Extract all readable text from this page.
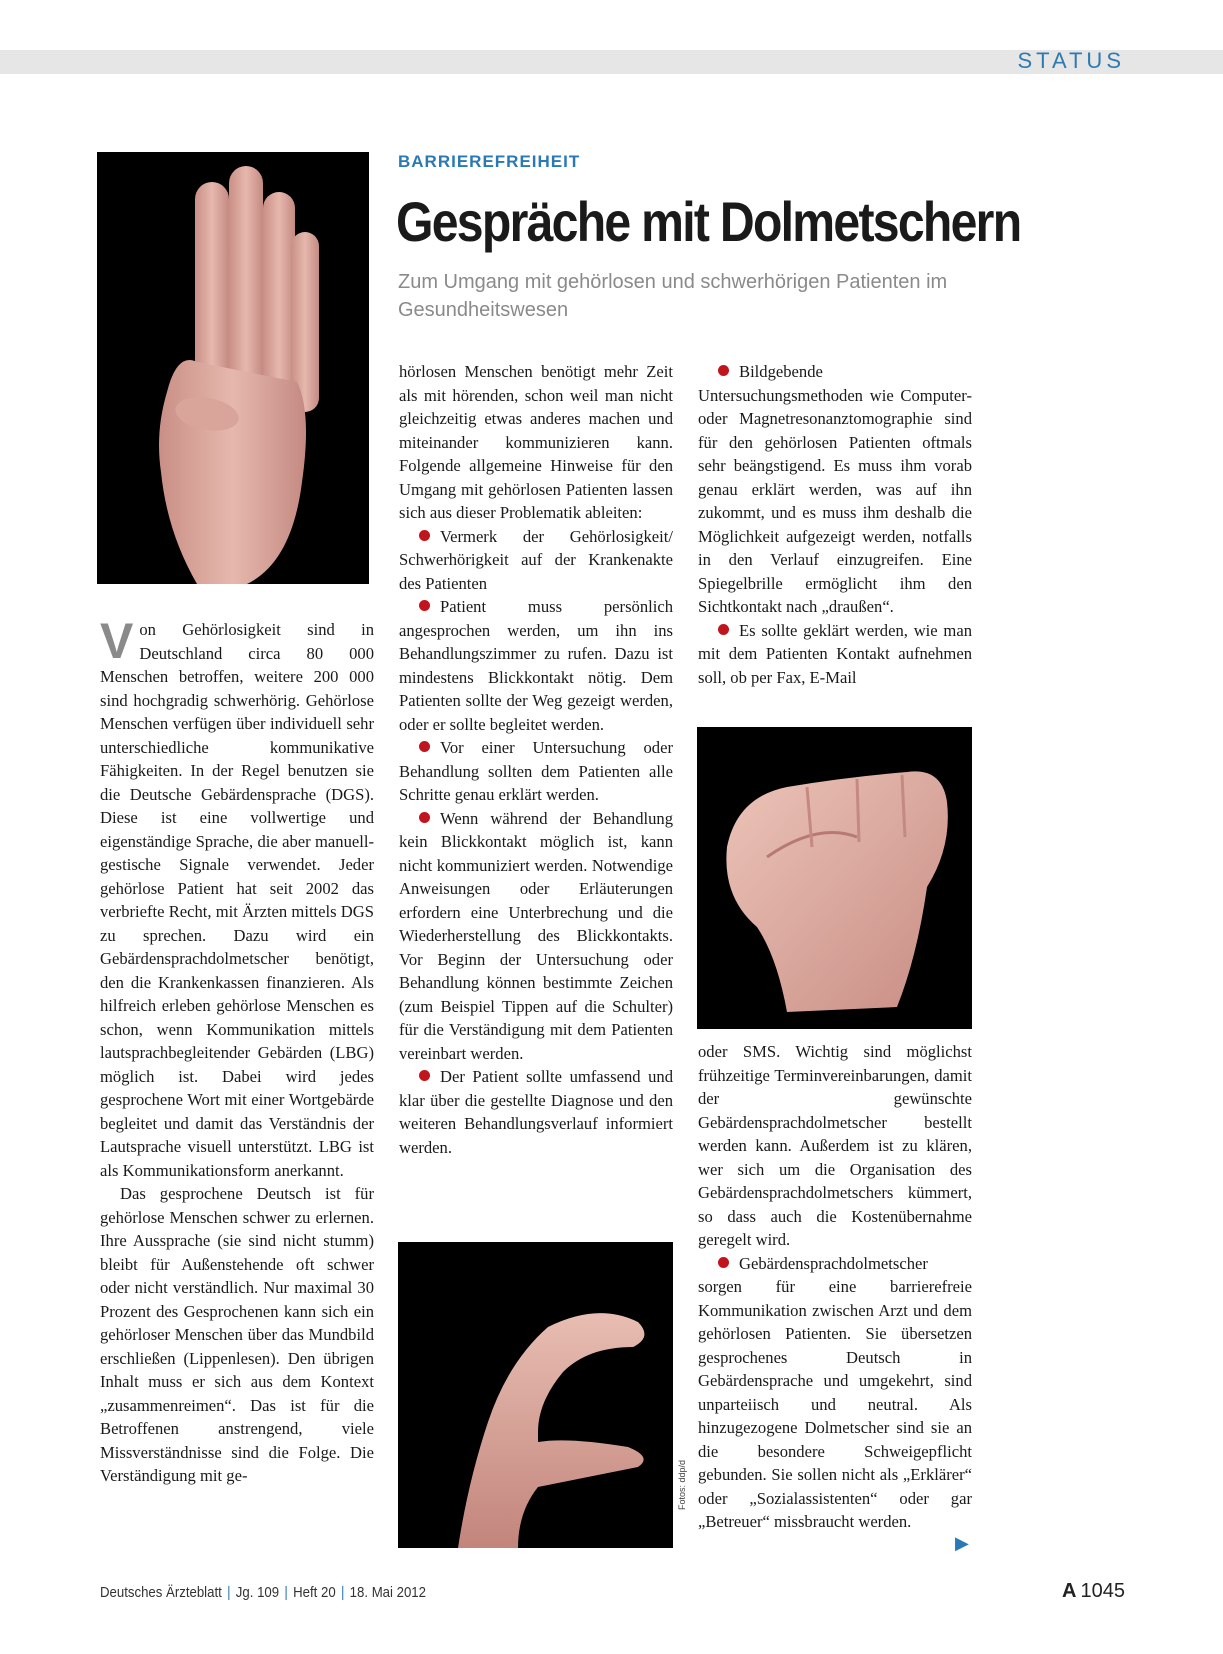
STATUS
BARRIEREFREIHEIT
Gespräche mit Dolmetschern
Zum Umgang mit gehörlosen und schwerhörigen Patienten im Gesundheitswesen

Von Gehörlosigkeit sind in Deutschland circa 80 000 Menschen betroffen, weitere 200 000 sind hochgradig schwerhörig. Gehörlose Menschen verfügen über individuell sehr unterschiedliche kommunikative Fähigkeiten. In der Regel benutzen sie die Deutsche Gebärdensprache (DGS). Diese ist eine vollwertige und eigenständige Sprache, die aber manuell-gestische Signale verwendet. Jeder gehörlose Patient hat seit 2002 das verbriefte Recht, mit Ärzten mittels DGS zu sprechen. Dazu wird ein Gebärdensprachdolmetscher benötigt, den die Krankenkassen finanzieren. Als hilfreich erleben gehörlose Menschen es schon, wenn Kommunikation mittels lautsprachbegleitender Gebärden (LBG) möglich ist. Dabei wird jedes gesprochene Wort mit einer Wortgebärde begleitet und damit das Verständnis der Lautsprache visuell unterstützt. LBG ist als Kommunikationsform anerkannt.

Das gesprochene Deutsch ist für gehörlose Menschen schwer zu erlernen. Ihre Aussprache (sie sind nicht stumm) bleibt für Außenstehende oft schwer oder nicht verständlich. Nur maximal 30 Prozent des Gesprochenen kann sich ein gehörloser Menschen über das Mundbild erschließen (Lippenlesen). Den übrigen Inhalt muss er sich aus dem Kontext „zusammenreimen“. Das ist für die Betroffenen anstrengend, viele Missverständnisse sind die Folge. Die Verständigung mit ge-

hörlosen Menschen benötigt mehr Zeit als mit hörenden, schon weil man nicht gleichzeitig etwas anderes machen und miteinander kommunizieren kann. Folgende allgemeine Hinweise für den Umgang mit gehörlosen Patienten lassen sich aus dieser Problematik ableiten:

Vermerk der Gehörlosigkeit/ Schwerhörigkeit auf der Krankenakte des Patienten

Patient muss persönlich angesprochen werden, um ihn ins Behandlungszimmer zu rufen. Dazu ist mindestens Blickkontakt nötig. Dem Patienten sollte der Weg gezeigt werden, oder er sollte begleitet werden.

Vor einer Untersuchung oder Behandlung sollten dem Patienten alle Schritte genau erklärt werden.

Wenn während der Behandlung kein Blickkontakt möglich ist, kann nicht kommuniziert werden. Notwendige Anweisungen oder Erläuterungen erfordern eine Unterbrechung und die Wiederherstellung des Blickkontakts. Vor Beginn der Untersuchung oder Behandlung können bestimmte Zeichen (zum Beispiel Tippen auf die Schulter) für die Verständigung mit dem Patienten vereinbart werden.

Der Patient sollte umfassend und klar über die gestellte Diagnose und den weiteren Behandlungsverlauf informiert werden.

Bildgebende Untersuchungsmethoden wie Computer- oder Magnetresonanztomographie sind für den gehörlosen Patienten oftmals sehr beängstigend. Es muss ihm vorab genau erklärt werden, was auf ihn zukommt, und es muss ihm deshalb die Möglichkeit aufgezeigt werden, notfalls in den Verlauf einzugreifen. Eine Spiegelbrille ermöglicht ihm den Sichtkontakt nach „draußen“.

Es sollte geklärt werden, wie man mit dem Patienten Kontakt aufnehmen soll, ob per Fax, E-Mail

oder SMS. Wichtig sind möglichst frühzeitige Terminvereinbarungen, damit der gewünschte Gebärdensprachdolmetscher bestellt werden kann. Außerdem ist zu klären, wer sich um die Organisation des Gebärdensprachdolmetschers kümmert, so dass auch die Kostenübernahme geregelt wird.

Gebärdensprachdolmetscher sorgen für eine barrierefreie Kommunikation zwischen Arzt und dem gehörlosen Patienten. Sie übersetzen gesprochenes Deutsch in Gebärdensprache und umgekehrt, sind unparteiisch und neutral. Als hinzugezogene Dolmetscher sind sie an die besondere Schweigepflicht gebunden. Sie sollen nicht als „Erklärer“ oder „Sozialassistenten“ oder gar „Betreuer“ missbraucht werden.

Fotos: ddp/d
▶
Deutsches Ärzteblatt | Jg. 109 | Heft 20 | 18. Mai 2012	A 1045
